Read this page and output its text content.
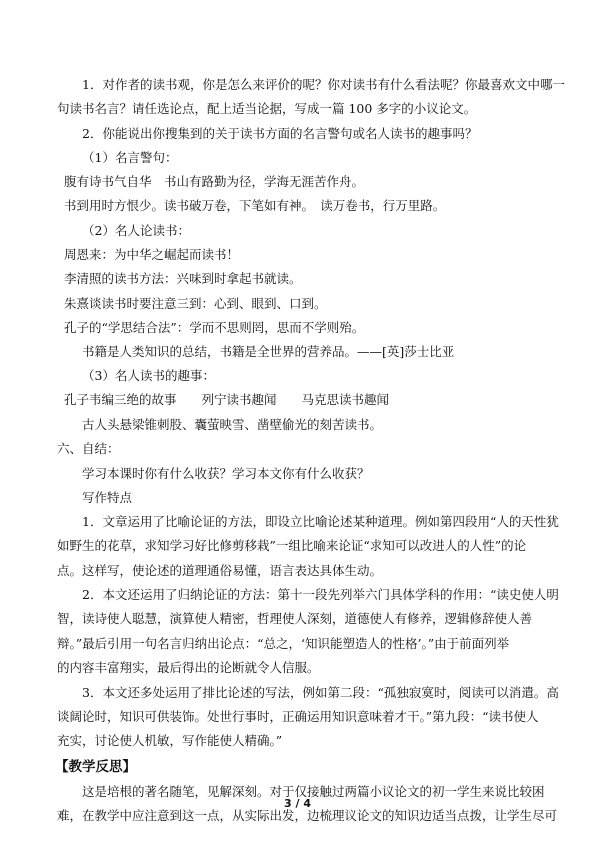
1．对作者的读书观，你是怎么来评价的呢？你对读书有什么看法呢？你最喜欢文中哪一
句读书名言？请任选论点，配上适当论据，写成一篇 100 多字的小议论文。
2．你能说出你搜集到的关于读书方面的名言警句或名人读书的趣事吗？
（1）名言警句：
腹有诗书气自华　书山有路勤为径，学海无涯苦作舟。
书到用时方恨少。读书破万卷，下笔如有神。　读万卷书，行万里路。
（2）名人论读书：
周恩来：为中华之崛起而读书！
李清照的读书方法：兴味到时拿起书就读。
朱熹谈读书时要注意三到：心到、眼到、口到。
孔子的“学思结合法”：学而不思则罔，思而不学则殆。
书籍是人类知识的总结，书籍是全世界的营养品。——[英]莎士比亚
（3）名人读书的趣事：
孔子韦编三绝的故事　　列宁读书趣闻　　马克思读书趣闻
古人头悬梁锥刺股、囊萤映雪、凿壁偷光的刻苦读书。
六、自结：
学习本课时你有什么收获？学习本文你有什么收获？
写作特点
1．文章运用了比喻论证的方法，即设立比喻论述某种道理。例如第四段用“人的天性犹
如野生的花草，求知学习好比修剪移栽”一组比喻来论证“求知可以改进人的人性”的论
点。这样写，使论述的道理通俗易懂，语言表达具体生动。
2．本文还运用了归纳论证的方法：第十一段先列举六门具体学科的作用：“读史使人明
智，读诗使人聪慧，演算使人精密，哲理使人深刻，道德使人有修养，逻辑修辞使人善
辩。”最后引用一句名言归纳出论点：“总之，‘知识能塑造人的性格’。”由于前面列举
的内容丰富翔实，最后得出的论断就令人信服。
3．本文还多处运用了排比论述的写法，例如第二段：“孤独寂寞时，阅读可以消遣。高
谈阔论时，知识可供装饰。处世行事时，正确运用知识意味着才干。”第九段：“读书使人
充实，讨论使人机敏，写作能使人精确。”
【教学反思】
这是培根的著名随笔，见解深刻。对于仅接触过两篇小议论文的初一学生来说比较困
难，在教学中应注意到这一点，从实际出发，边梳理议论文的知识边适当点拨，让学生尽可
3 / 4
